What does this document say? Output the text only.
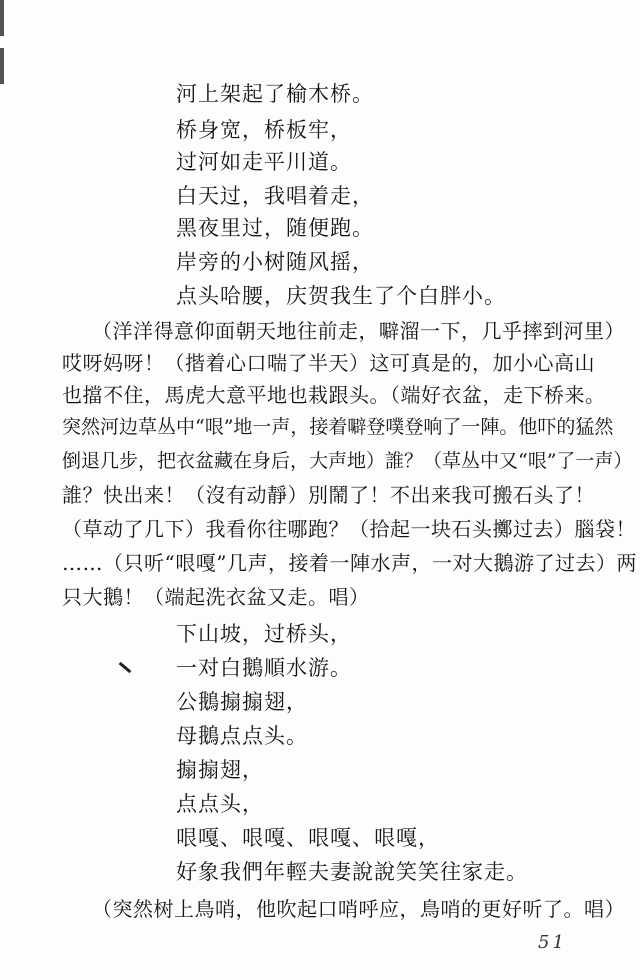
河上架起了榆木桥。
桥身宽，桥板牢，
过河如走平川道。
白天过，我唱着走，
黑夜里过，随便跑。
岸旁的小树随风摇，
点头哈腰，庆贺我生了个白胖小。
（洋洋得意仰面朝天地往前走，噼溜一下，几乎摔到河里）
哎呀妈呀！（揩着心口喘了半天）这可真是的，加小心高山
也擋不住，馬虎大意平地也栽跟头。（端好衣盆，走下桥来。
突然河边草丛中“哏”地一声，接着噼登噗登响了一陣。他吓的猛然
倒退几步，把衣盆藏在身后，大声地）誰？（草丛中又“哏”了一声）
誰？快出来！（沒有动靜）別鬧了！不出来我可搬石头了！
（草动了几下）我看你往哪跑？（拾起一块石头擲过去）腦袋！
……（只听“哏嘎”几声，接着一陣水声，一对大鵝游了过去）两
只大鵝！（端起洗衣盆又走。唱）
下山坡，过桥头，
一对白鵝順水游。
公鵝搧搧翅，
母鵝点点头。
搧搧翅，
点点头，
哏嘎、哏嘎、哏嘎、哏嘎，
好象我們年輕夫妻說說笑笑往家走。
（突然树上鳥哨，他吹起口哨呼应，鳥哨的更好听了。唱）
51
